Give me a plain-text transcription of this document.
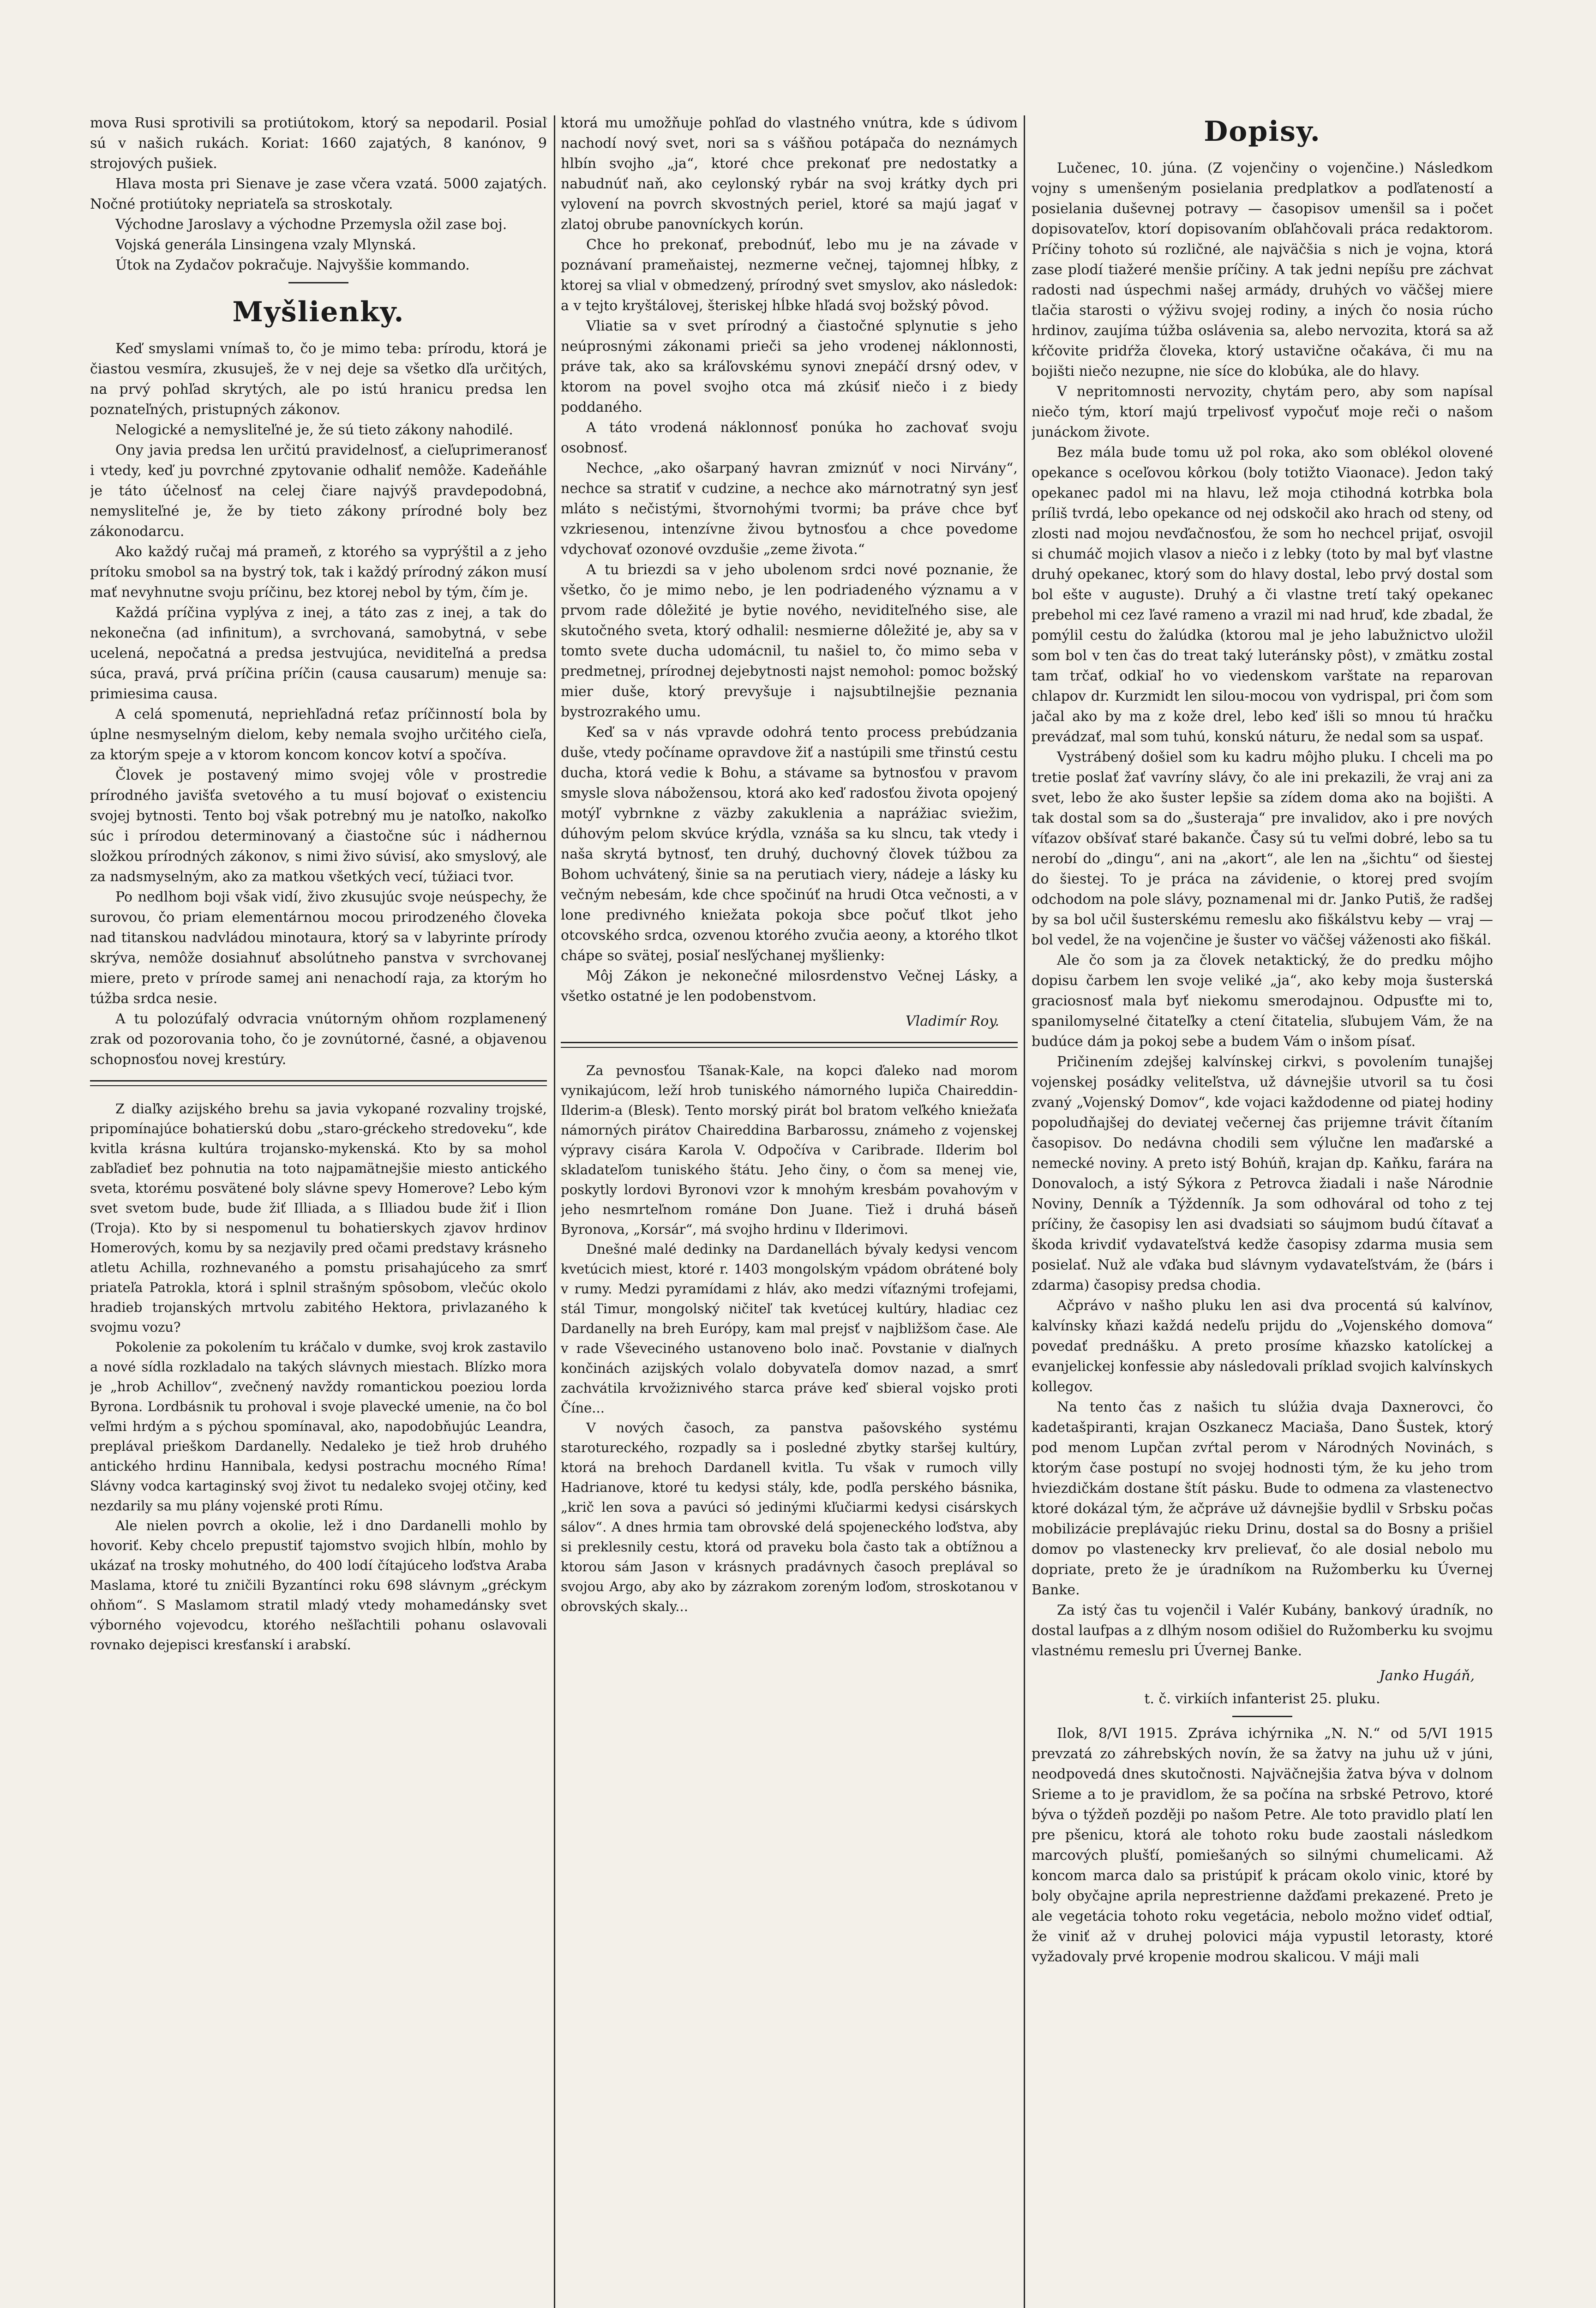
mova Rusi sprotivili sa protiútokom, ktorý sa nepodaril. Posiaľ sú v našich rukách. Koriat: 1660 zajatých, 8 kanónov, 9 strojových pušiek.

Hlava mosta pri Sienave je zase včera vzatá. 5000 zajatých. Nočné protiútoky nepriateľa sa stroskotaly.

Východne Jaroslavy a východne Przemysla ožil zase boj.

Vojská generála Linsingena vzaly Mlynská.

Útok na Zydačov pokračuje. Najvyššie kommando.

Myšlienky.

Keď smyslami vnímaš to, čo je mimo teba: prírodu, ktorá je čiastou vesmíra, zkusuješ, že v nej deje sa všetko dľa určitých, na prvý pohľad skrytých, ale po istú hranicu predsa len poznateľných, pristupných zákonov.

Nelogické a nemysliteľné je, že sú tieto zákony nahodilé.

Ony javia predsa len určitú pravidelnosť, a cieľuprimeranosť i vtedy, keď ju povrchné zpytovanie odhaliť nemôže. Kadeňáhle je táto účelnosť na celej čiare najvýš pravdepodobná, nemysliteľné je, že by tieto zákony prírodné boly bez zákonodarcu.

Ako každý ručaj má prameň, z ktorého sa vyprýštil a z jeho prítoku smobol sa na bystrý tok, tak i každý prírodný zákon musí mať nevyhnutne svoju príčinu, bez ktorej nebol by tým, čím je.

Každá príčina vyplýva z inej, a táto zas z inej, a tak do nekonečna (ad infinitum), a svrchovaná, samobytná, v sebe ucelená, nepočatná a predsa jestvujúca, neviditeľná a predsa súca, pravá, prvá príčina príčin (causa causarum) menuje sa: primiesima causa.

A celá spomenutá, nepriehľadná reťaz príčinností bola by úplne nesmyselným dielom, keby nemala svojho určitého cieľa, za ktorým speje a v ktorom koncom koncov kotví a spočíva.

Človek je postavený mimo svojej vôle v prostredie prírodného javišťa svetového a tu musí bojovať o existenciu svojej bytnosti. Tento boj však potrebný mu je natoľko, nakoľko súc i prírodou determinovaný a čiastočne súc i nádhernou složkou prírodných zákonov, s nimi živo súvisí, ako smyslový, ale za nadsmyselným, ako za matkou všetkých vecí, túžiaci tvor.

Po nedlhom boji však vidí, živo zkusujúc svoje neúspechy, že surovou, čo priam elementárnou mocou prirodzeného človeka nad titanskou nadvládou minotaura, ktorý sa v labyrinte prírody skrýva, nemôže dosiahnuť absolútneho panstva v svrchovanej miere, preto v prírode samej ani nenachodí raja, za ktorým ho túžba srdca nesie.

A tu polozúfalý odvracia vnútorným ohňom rozplamenený zrak od pozorovania toho, čo je zovnútorné, časné, a objavenou schopnosťou novej krestúry.

Z diaľky azijského brehu sa javia vykopané rozvaliny trojské, pripomínajúce bohatierskú dobu „staro-gréckeho stredoveku“, kde kvitla krásna kultúra trojansko-mykenská. Kto by sa mohol zabľadieť bez pohnutia na toto najpamätnejšie miesto antického sveta, ktorému posvätené boly slávne spevy Homerove? Lebo kým svet svetom bude, bude žiť Illiada, a s Illiadou bude žiť i Ilion (Troja). Kto by si nespomenul tu bohatierskych zjavov hrdinov Homerových, komu by sa nezjavily pred očami predstavy krásneho atletu Achilla, rozhnevaného a pomstu prisahajúceho za smrť priateľa Patrokla, ktorá i splnil strašným spôsobom, vlečúc okolo hradieb trojanských mrtvolu zabitého Hektora, privlazaného k svojmu vozu?

Pokolenie za pokolením tu kráčalo v dumke, svoj krok zastavilo a nové sídla rozkladalo na takých slávnych miestach. Blízko mora je „hrob Achillov“, zvečnený navždy romantickou poeziou lorda Byrona. Lordbásnik tu prohoval i svoje plavecké umenie, na čo bol veľmi hrdým a s pýchou spomínaval, ako, napodobňujúc Leandra, preplával prieškom Dardanelly. Nedaleko je tiež hrob druhého antického hrdinu Hannibala, kedysi postrachu mocného Ríma! Slávny vodca kartaginský svoj život tu nedaleko svojej otčiny, keď nezdarily sa mu plány vojenské proti Rímu.

Ale nielen povrch a okolie, lež i dno Dardanelli mohlo by hovoriť. Keby chcelo prepustiť tajomstvo svojich hlbín, mohlo by ukázať na trosky mohutného, do 400 lodí čítajúceho loďstva Araba Maslama, ktoré tu zničili Byzantínci roku 698 slávnym „gréckym ohňom“. S Maslamom stratil mladý vtedy mohamedánsky svet výborného vojevodcu, ktorého nešľachtili pohanu oslavovali rovnako dejepisci kresťanskí i arabskí.

ktorá mu umožňuje pohľad do vlastného vnútra, kde s údivom nachodí nový svet, nori sa s vášňou potápača do neznámych hlbín svojho „ja“, ktoré chce prekonať pre nedostatky a nabudnúť naň, ako ceylonský rybár na svoj krátky dych pri vylovení na povrch skvostných periel, ktoré sa majú jagať v zlatoj obrube panovníckych korún.

Chce ho prekonať, prebodnúť, lebo mu je na závade v poznávaní prameňaistej, nezmerne večnej, tajomnej hĺbky, z ktorej sa vlial v obmedzený, prírodný svet smyslov, ako následok: a v tejto kryštálovej, šteriskej hĺbke hľadá svoj božský pôvod.

Vliatie sa v svet prírodný a čiastočné splynutie s jeho neúprosnými zákonami prieči sa jeho vrodenej náklonnosti, práve tak, ako sa kráľovskému synovi znepáčí drsný odev, v ktorom na povel svojho otca má zkúsiť niečo i z biedy poddaného.

A táto vrodená náklonnosť ponúka ho zachovať svoju osobnosť.

Nechce, „ako ošarpaný havran zmiznúť v noci Nirvány“, nechce sa stratiť v cudzine, a nechce ako márnotratný syn jesť mláto s nečistými, štvornohými tvormi; ba práve chce byť vzkriesenou, intenzívne živou bytnosťou a chce povedome vdychovať ozonové ovzdušie „zeme života.“

A tu briezdi sa v jeho ubolenom srdci nové poznanie, že všetko, čo je mimo nebo, je len podriadeného významu a v prvom rade dôležité je bytie nového, neviditeľného sise, ale skutočného sveta, ktorý odhalil: nesmierne dôležité je, aby sa v tomto svete ducha udomácnil, tu našiel to, čo mimo seba v predmetnej, prírodnej dejebytnosti najst nemohol: pomoc božský mier duše, ktorý prevyšuje i najsubtilnejšie peznania bystrozrakého umu.

Keď sa v nás vpravde odohrá tento process prebúdzania duše, vtedy počíname opravdove žiť a nastúpili sme třinstú cestu ducha, ktorá vedie k Bohu, a stávame sa bytnosťou v pravom smysle slova nábožensou, ktorá ako keď radosťou života opojený motýľ vybrnkne z väzby zakuklenia a naprážiac sviežim, dúhovým pelom skvúce krýdla, vznáša sa ku slncu, tak vtedy i naša skrytá bytnosť, ten druhý, duchovný človek túžbou za Bohom uchvátený, šinie sa na perutiach viery, nádeje a lásky ku večným nebesám, kde chce spočinúť na hrudi Otca večnosti, a v lone predivného kniežata pokoja sbce počuť tlkot jeho otcovského srdca, ozvenou ktorého zvučia aeony, a ktorého tlkot chápe so svätej, posiaľ nesľýchanej myšlienky:

Môj Zákon je nekonečné milosrdenstvo Večnej Lásky, a všetko ostatné je len podobenstvom.

Vladimír Roy.

Za pevnosťou Tšanak-Kale, na kopci ďaleko nad morom vynikajúcom, leží hrob tuniského námorného lupiča Chaireddin-Ilderim-a (Blesk). Tento morský pirát bol bratom veľkého kniežaťa námorných pirátov Chaireddina Barbarossu, známeho z vojenskej výpravy cisára Karola V. Odpočíva v Caribrade. Ilderim bol skladateľom tuniského štátu. Jeho činy, o čom sa menej vie, poskytly lordovi Byronovi vzor k mnohým kresbám povahovým v jeho nesmrteľnom románe Don Juane. Tiež i druhá báseň Byronova, „Korsár“, má svojho hrdinu v Ilderimovi.

Dnešné malé dedinky na Dardanellách bývaly kedysi vencom kvetúcich miest, ktoré r. 1403 mongolským vpádom obrátené boly v rumy. Medzi pyramídami z hláv, ako medzi víťaznými trofejami, stál Timur, mongolský ničiteľ tak kvetúcej kultúry, hladiac cez Dardanelly na breh Európy, kam mal prejsť v najbližšom čase. Ale v rade Vševeciného ustanoveno bolo inač. Povstanie v diaľnych končinách azijských volalo dobyvateľa domov nazad, a smrť zachvátila krvožiznivého starca práve keď sbieral vojsko proti Číne...

V nových časoch, za panstva pašovského systému starotureckého, rozpadly sa i posledné zbytky staršej kultúry, ktorá na brehoch Dardanell kvitla. Tu však v rumoch villy Hadrianove, ktoré tu kedysi stály, kde, podľa perského básnika, „krič len sova a pavúci só jedinými kľučiarmi kedysi cisárskych sálov“. A dnes hrmia tam obrovské delá spojeneckého loďstva, aby si preklesnily cestu, ktorá od praveku bola často tak a obtížnou a ktorou sám Jason v krásnych pradávnych časoch preplával so svojou Argo, aby ako by zázrakom zoreným loďom, stroskotanou v obrovských skaly...

Dopisy.

Lučenec, 10. júna. (Z vojenčiny o vojenčine.) Následkom vojny s umenšeným posielania predplatkov a podľateností a posielania duševnej potravy — časopisov umenšil sa i počet dopisovateľov, ktorí dopisovaním obľahčovali práca redaktorom. Príčiny tohoto sú rozličné, ale najväčšia s nich je vojna, ktorá zase plodí tiažeré menšie príčiny. A tak jedni nepíšu pre záchvat radosti nad úspechmi našej armády, druhých vo väčšej miere tlačia starosti o výživu svojej rodiny, a iných čo nosia rúcho hrdinov, zaujíma túžba oslávenia sa, alebo nervozita, ktorá sa až kŕčovite pridŕža človeka, ktorý ustavične očakáva, či mu na bojišti niečo nezupne, nie síce do klobúka, ale do hlavy.

V nepritomnosti nervozity, chytám pero, aby som napísal niečo tým, ktorí majú trpelivosť vypočuť moje reči o našom junáckom živote.

Bez mála bude tomu už pol roka, ako som oblékol olovené opekance s oceľovou kôrkou (boly totižto Viaonace). Jedon taký opekanec padol mi na hlavu, lež moja ctihodná kotrbka bola príliš tvrdá, lebo opekance od nej odskočil ako hrach od steny, od zlosti nad mojou nevďačnosťou, že som ho nechcel prijať, osvojil si chumáč mojich vlasov a niečo i z lebky (toto by mal byť vlastne druhý opekanec, ktorý som do hlavy dostal, lebo prvý dostal som bol ešte v auguste). Druhý a či vlastne tretí taký opekanec prebehol mi cez ľavé rameno a vrazil mi nad hruď, kde zbadal, že pomýlil cestu do žalúdka (ktorou mal je jeho labužnictvo uložil som bol v ten čas do treat taký luteránsky pôst), v zmätku zostal tam trčať, odkiaľ ho vo viedenskom varštate na reparovan chlapov dr. Kurzmidt len silou-mocou von vydrispal, pri čom som jačal ako by ma z kože drel, lebo keď išli so mnou tú hračku prevádzať, mal som tuhú, konskú náturu, že nedal som sa uspať.

Vystrábený došiel som ku kadru môjho pluku. I chceli ma po tretie poslať žať vavríny slávy, čo ale ini prekazili, že vraj ani za svet, lebo že ako šuster lepšie sa zídem doma ako na bojišti. A tak dostal som sa do „šusteraja“ pre invalidov, ako i pre nových víťazov obšívať staré bakanče. Časy sú tu veľmi dobré, lebo sa tu nerobí do „dingu“, ani na „akort“, ale len na „šichtu“ od šiestej do šiestej. To je práca na závidenie, o ktorej pred svojím odchodom na pole slávy, poznamenal mi dr. Janko Putiš, že radšej by sa bol učil šusterskému remeslu ako fiškálstvu keby — vraj — bol vedel, že na vojenčine je šuster vo väčšej váženosti ako fiškál.

Ale čo som ja za človek netaktický, že do predku môjho dopisu čarbem len svoje veliké „ja“, ako keby moja šusterská graciosnosť mala byť niekomu smerodajnou. Odpusťte mi to, spanilomyselné čitateľky a ctení čitatelia, sľubujem Vám, že na budúce dám ja pokoj sebe a budem Vám o inšom písať.

Pričinením zdejšej kalvínskej cirkvi, s povolením tunajšej vojenskej posádky veliteľstva, už dávnejšie utvoril sa tu čosi zvaný „Vojenský Domov“, kde vojaci každodenne od piatej hodiny popoludňajšej do deviatej večernej čas prijemne trávit čítaním časopisov. Do nedávna chodili sem výlučne len maďarské a nemecké noviny. A preto istý Bohúň, krajan dp. Kaňku, farára na Donovaloch, a istý Sýkora z Petrovca žiadali i naše Národnie Noviny, Denník a Týždenník. Ja som odhováral od toho z tej príčiny, že časopisy len asi dvadsiati so sáujmom budú čítavať a škoda krivdiť vydavateľstvá kedže časopisy zdarma musia sem posielať. Nuž ale vďaka bud slávnym vydavateľstvám, že (bárs i zdarma) časopisy predsa chodia.

Ačprávo v našho pluku len asi dva procentá sú kalvínov, kalvínsky kňazi každá nedeľu prijdu do „Vojenského domova“ povedať prednášku. A preto prosíme kňazsko katolíckej a evanjelickej konfessie aby následovali príklad svojich kalvínskych kollegov.

Na tento čas z našich tu slúžia dvaja Daxnerovci, čo kadetašpiranti, krajan Oszkanecz Maciaša, Dano Šustek, ktorý pod menom Lupčan zvŕtal perom v Národných Novinách, s ktorým čase postupí no svojej hodnosti tým, že ku jeho trom hviezdičkám dostane štít pásku. Bude to odmena za vlastenectvo ktoré dokázal tým, že ačpráve už dávnejšie bydlil v Srbsku počas mobilizácie preplávajúc rieku Drinu, dostal sa do Bosny a prišiel domov po vlastenecky krv prelievať, čo ale dosial nebolo mu dopriate, preto že je úradníkom na Ružomberku ku Úvernej Banke.

Za istý čas tu vojenčil i Valér Kubány, bankový úradník, no dostal laufpas a z dlhým nosom odišiel do Ružomberku ku svojmu vlastnému remeslu pri Úvernej Banke.

Janko Hugáň,
t. č. virkiích infanterist 25. pluku.

Ilok, 8/VI 1915. Zpráva ichýrnika „N. N.“ od 5/VI 1915 prevzatá zo záhrebských novín, že sa žatvy na juhu už v júni, neodpovedá dnes skutočnosti. Najväčnejšia žatva býva v dolnom Srieme a to je pravidlom, že sa počína na srbské Petrovo, ktoré býva o týždeň později po našom Petre. Ale toto pravidlo platí len pre pšenicu, ktorá ale tohoto roku bude zaostali následkom marcových plušťí, pomiešaných so silnými chumelicami. Až koncom marca dalo sa pristúpiť k prácam okolo vinic, ktoré by boly obyčajne aprila neprestrienne dažďami prekazené. Preto je ale vegetácia tohoto roku vegetácia, nebolo možno videť odtiaľ, že viniť až v druhej polovici mája vypustil letorasty, ktoré vyžadovaly prvé kropenie modrou skalicou. V máji mali
